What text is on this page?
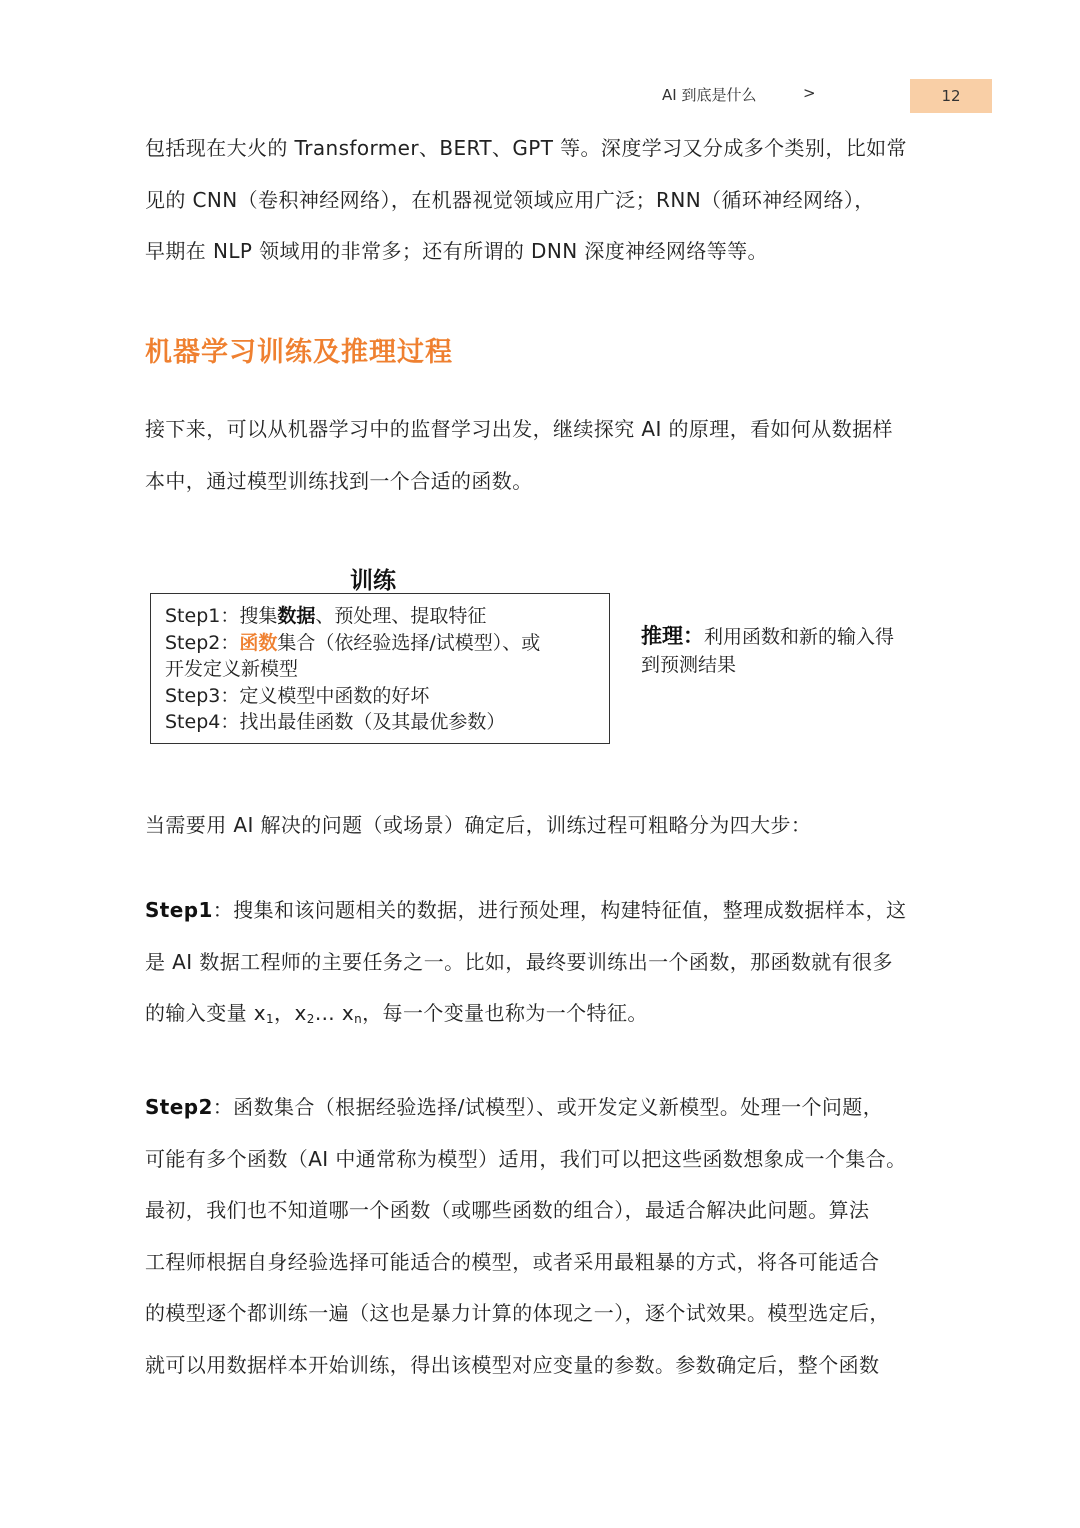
AI 到底是什么	>	12
包括现在大火的 Transformer、BERT、GPT 等。深度学习又分成多个类别，比如常
见的 CNN（卷积神经网络），在机器视觉领域应用广泛；RNN（循环神经网络），
早期在 NLP 领域用的非常多；还有所谓的 DNN 深度神经网络等等。
机器学习训练及推理过程
接下来，可以从机器学习中的监督学习出发，继续探究 AI 的原理，看如何从数据样
本中，通过模型训练找到一个合适的函数。
训练
Step1：搜集数据、预处理、提取特征
Step2：函数集合（依经验选择/试模型）、或
开发定义新模型
Step3：定义模型中函数的好坏
Step4：找出最佳函数（及其最优参数）
推理：利用函数和新的输入得
到预测结果
当需要用 AI 解决的问题（或场景）确定后，训练过程可粗略分为四大步：
Step1：搜集和该问题相关的数据，进行预处理，构建特征值，整理成数据样本，这
是 AI 数据工程师的主要任务之一。比如，最终要训练出一个函数，那函数就有很多
的输入变量 $x_1$，$x_2\dots$ $x_n$，每一个变量也称为一个特征。
Step2：函数集合（根据经验选择/试模型）、或开发定义新模型。处理一个问题，
可能有多个函数（AI 中通常称为模型）适用，我们可以把这些函数想象成一个集合。
最初，我们也不知道哪一个函数（或哪些函数的组合），最适合解决此问题。算法
工程师根据自身经验选择可能适合的模型，或者采用最粗暴的方式，将各可能适合
的模型逐个都训练一遍（这也是暴力计算的体现之一），逐个试效果。模型选定后，
就可以用数据样本开始训练，得出该模型对应变量的参数。参数确定后，整个函数
